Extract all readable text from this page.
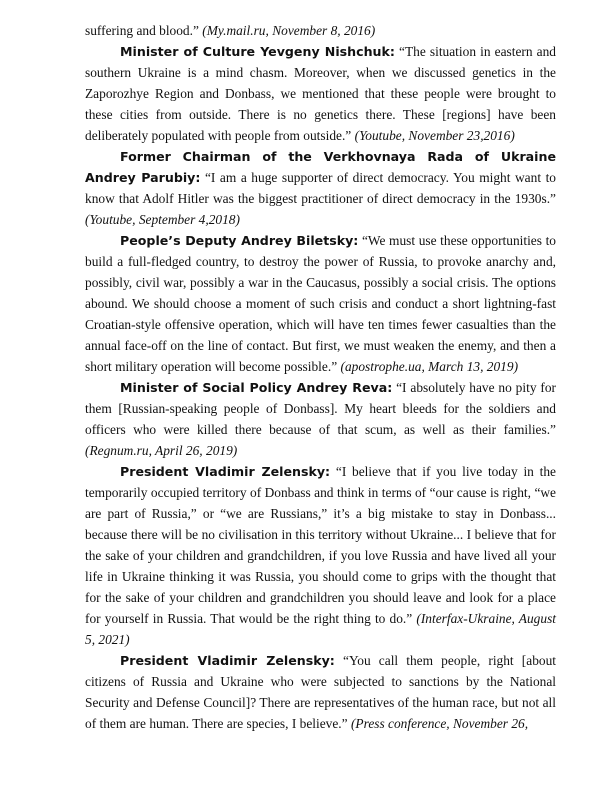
suffering and blood.” (My.mail.ru, November 8, 2016)

Minister of Culture Yevgeny Nishchuk: “The situation in eastern and southern Ukraine is a mind chasm. Moreover, when we discussed genetics in the Zaporozhye Region and Donbass, we mentioned that these people were brought to these cities from outside. There is no genetics there. These [regions] have been deliberately populated with people from outside.” (Youtube, November 23,2016)

Former Chairman of the Verkhovnaya Rada of Ukraine Andrey Parubiy: “I am a huge supporter of direct democracy. You might want to know that Adolf Hitler was the biggest practitioner of direct democracy in the 1930s.” (Youtube, September 4,2018)

People’s Deputy Andrey Biletsky: “We must use these opportunities to build a full-fledged country, to destroy the power of Russia, to provoke anarchy and, possibly, civil war, possibly a war in the Caucasus, possibly a social crisis. The options abound. We should choose a moment of such crisis and conduct a short lightning-fast Croatian-style offensive operation, which will have ten times fewer casualties than the annual face-off on the line of contact. But first, we must weaken the enemy, and then a short military operation will become possible.” (apostrophe.ua, March 13, 2019)

Minister of Social Policy Andrey Reva: “I absolutely have no pity for them [Russian-speaking people of Donbass]. My heart bleeds for the soldiers and officers who were killed there because of that scum, as well as their families.” (Regnum.ru, April 26, 2019)

President Vladimir Zelensky: “I believe that if you live today in the temporarily occupied territory of Donbass and think in terms of “our cause is right, “we are part of Russia,” or “we are Russians,” it’s a big mistake to stay in Donbass... because there will be no civilisation in this territory without Ukraine... I believe that for the sake of your children and grandchildren, if you love Russia and have lived all your life in Ukraine thinking it was Russia, you should come to grips with the thought that for the sake of your children and grandchildren you should leave and look for a place for yourself in Russia. That would be the right thing to do.” (Interfax-Ukraine, August 5, 2021)

President Vladimir Zelensky: “You call them people, right [about citizens of Russia and Ukraine who were subjected to sanctions by the National Security and Defense Council]? There are representatives of the human race, but not all of them are human. There are species, I believe.” (Press conference, November 26,
